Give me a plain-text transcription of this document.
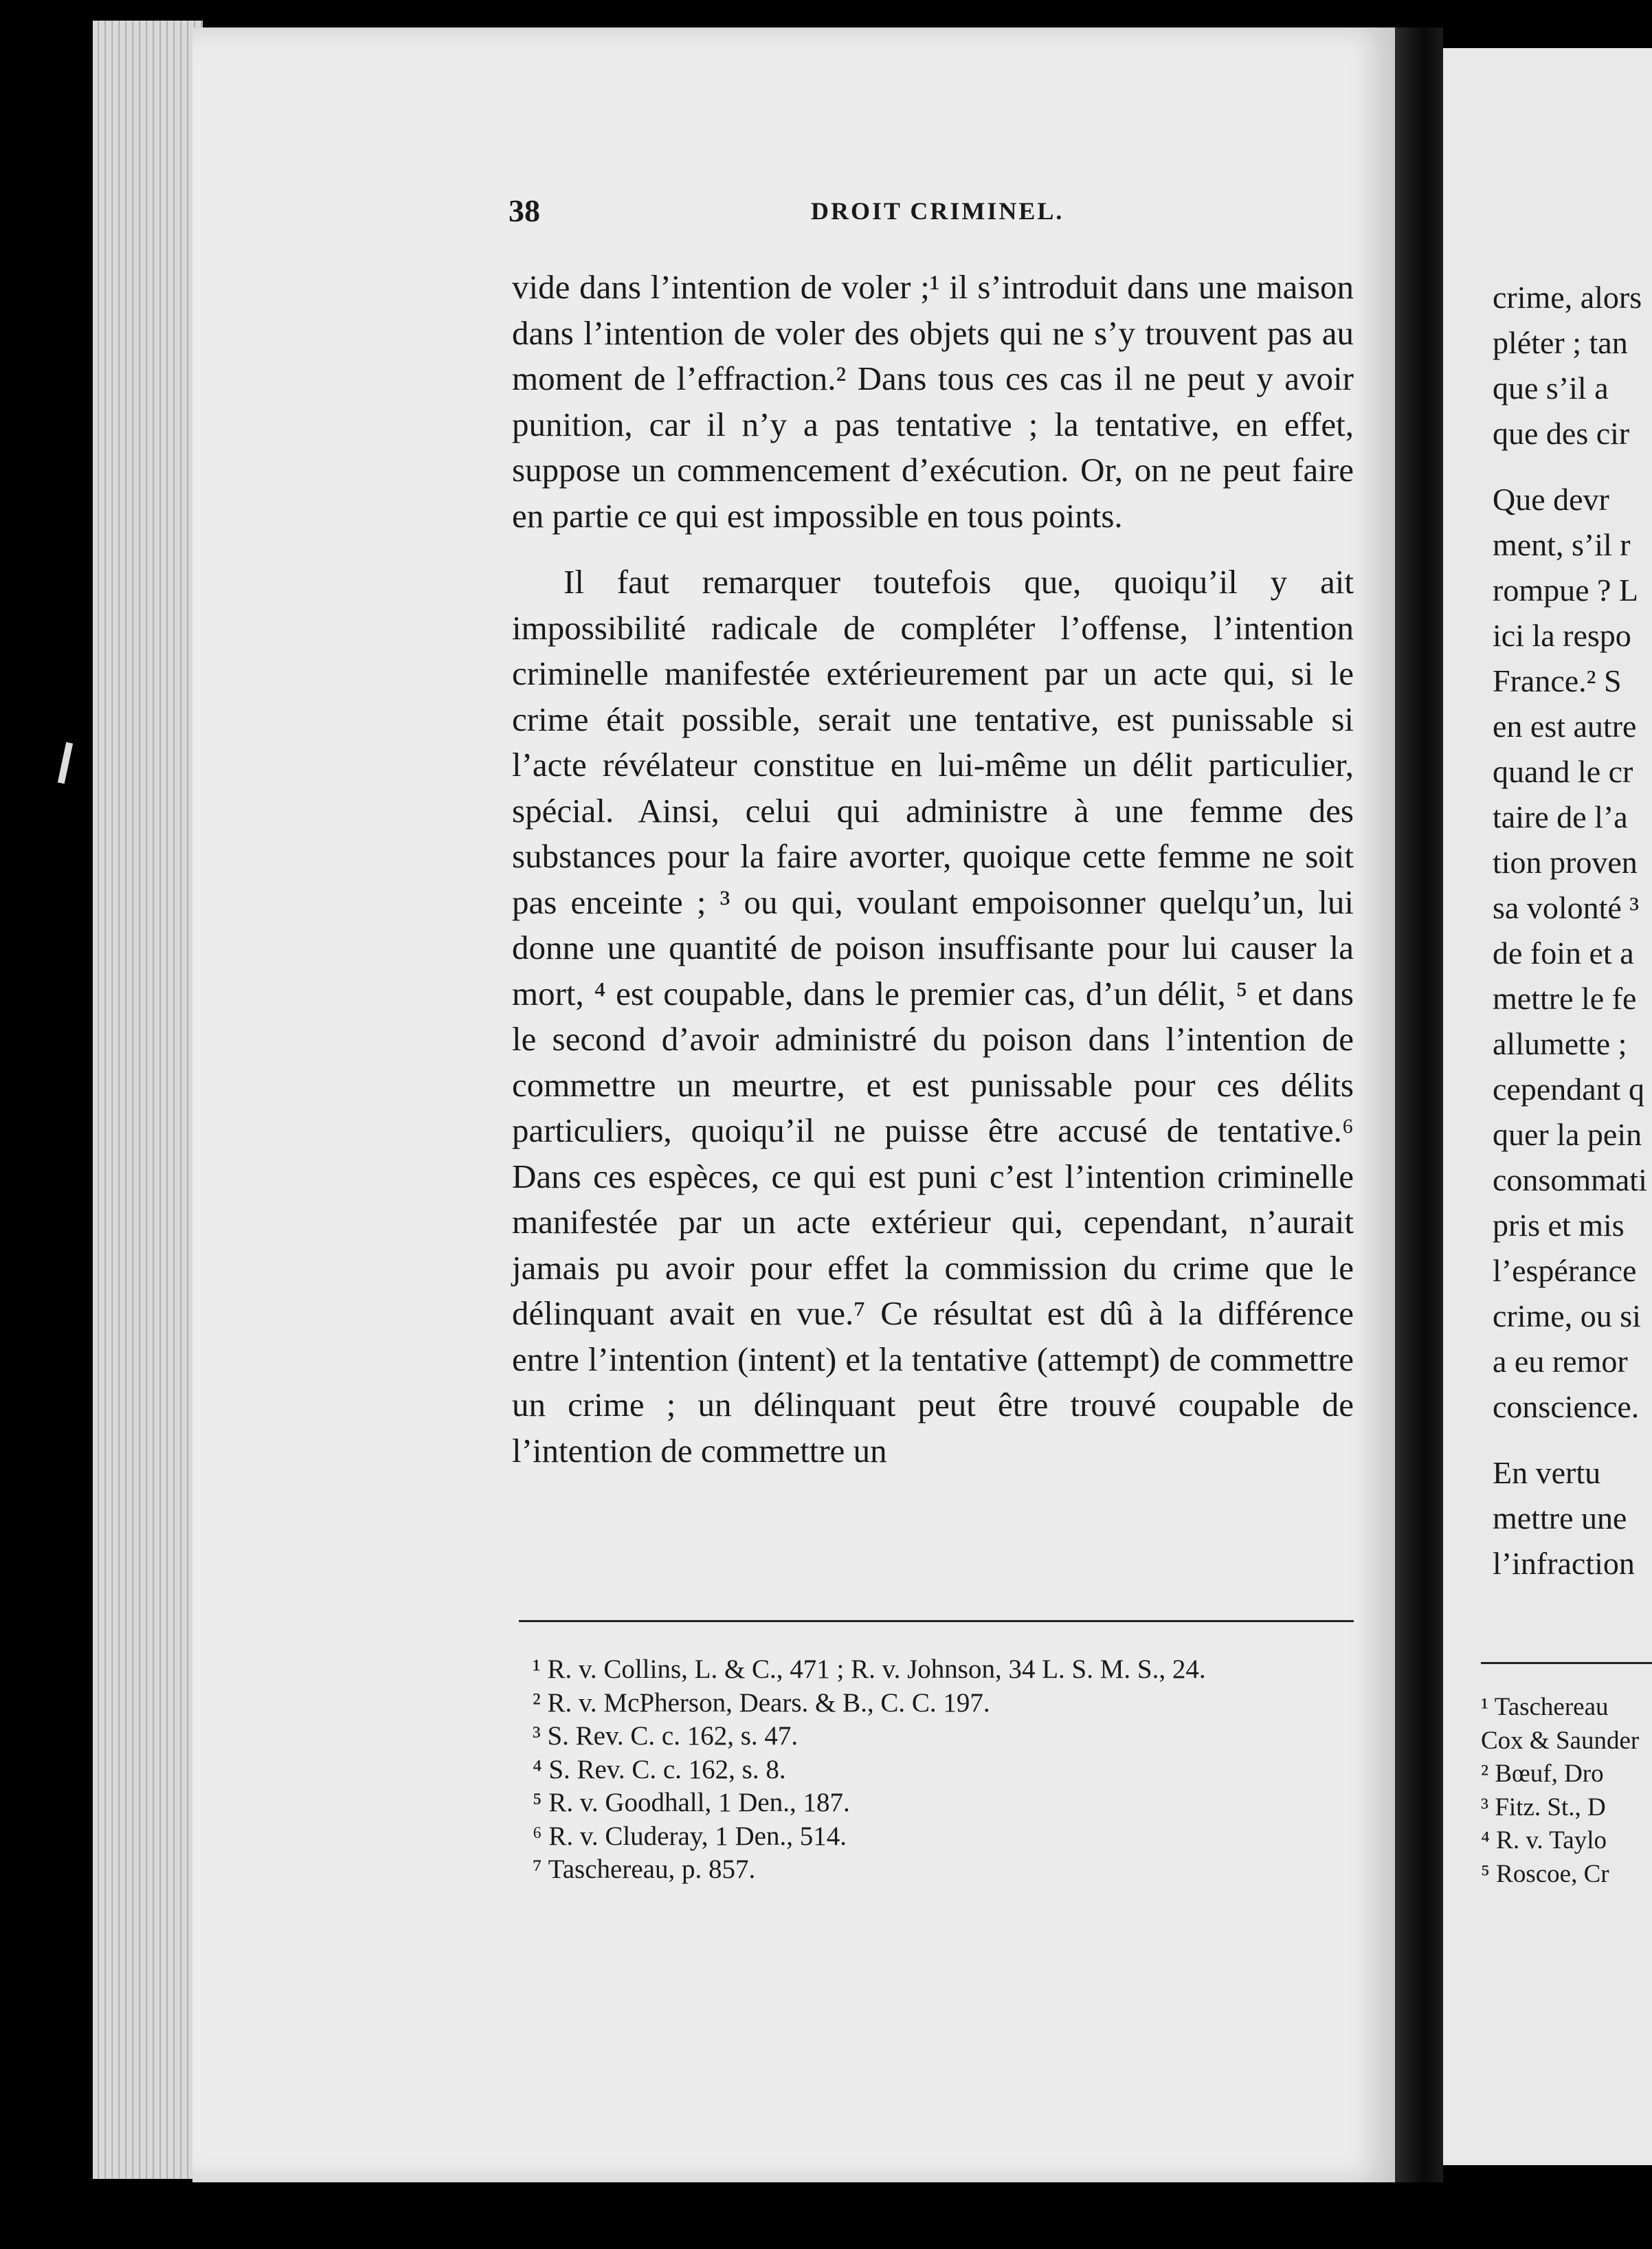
38	DROIT CRIMINEL.

vide dans l’intention de voler ;¹ il s’introduit dans une maison dans l’intention de voler des objets qui ne s’y trouvent pas au moment de l’effraction.² Dans tous ces cas il ne peut y avoir punition, car il n’y a pas tentative ; la tentative, en effet, suppose un commencement d’exécution. Or, on ne peut faire en partie ce qui est impossible en tous points.

Il faut remarquer toutefois que, quoiqu’il y ait impossibilité radicale de compléter l’offense, l’intention criminelle manifestée extérieurement par un acte qui, si le crime était possible, serait une tentative, est punissable si l’acte révélateur constitue en lui-même un délit particulier, spécial. Ainsi, celui qui administre à une femme des substances pour la faire avorter, quoique cette femme ne soit pas enceinte ; ³ ou qui, voulant empoisonner quelqu’un, lui donne une quantité de poison insuffisante pour lui causer la mort, ⁴ est coupable, dans le premier cas, d’un délit, ⁵ et dans le second d’avoir administré du poison dans l’intention de commettre un meurtre, et est punissable pour ces délits particuliers, quoiqu’il ne puisse être accusé de tentative.⁶ Dans ces espèces, ce qui est puni c’est l’intention criminelle manifestée par un acte extérieur qui, cependant, n’aurait jamais pu avoir pour effet la commission du crime que le délinquant avait en vue.⁷ Ce résultat est dû à la différence entre l’intention (intent) et la tentative (attempt) de commettre un crime ; un délinquant peut être trouvé coupable de l’intention de commettre un

¹ R. v. Collins, L. & C., 471 ; R. v. Johnson, 34 L. S. M. S., 24.
² R. v. McPherson, Dears. & B., C. C. 197.
³ S. Rev. C. c. 162, s. 47.
⁴ S. Rev. C. c. 162, s. 8.
⁵ R. v. Goodhall, 1 Den., 187.
⁶ R. v. Cluderay, 1 Den., 514.
⁷ Taschereau, p. 857.
crime, alors
pléter ; tan
que s’il a
que des cir
Que devr
ment, s’il r
rompue ? L
ici la respo
France.² S
en est autre
quand le cr
taire de l’a
tion proven
sa volonté ³
de foin et a
mettre le fe
allumette ;
cependant q
quer la pein
consommati
pris et mis
l’espérance
crime, ou si
a eu remor
conscience.
En vertu
mettre une
l’infraction
¹ Taschereau
Cox & Saunder
² Bœuf, Dro
³ Fitz. St., D
⁴ R. v. Taylo
⁵ Roscoe, Cr
